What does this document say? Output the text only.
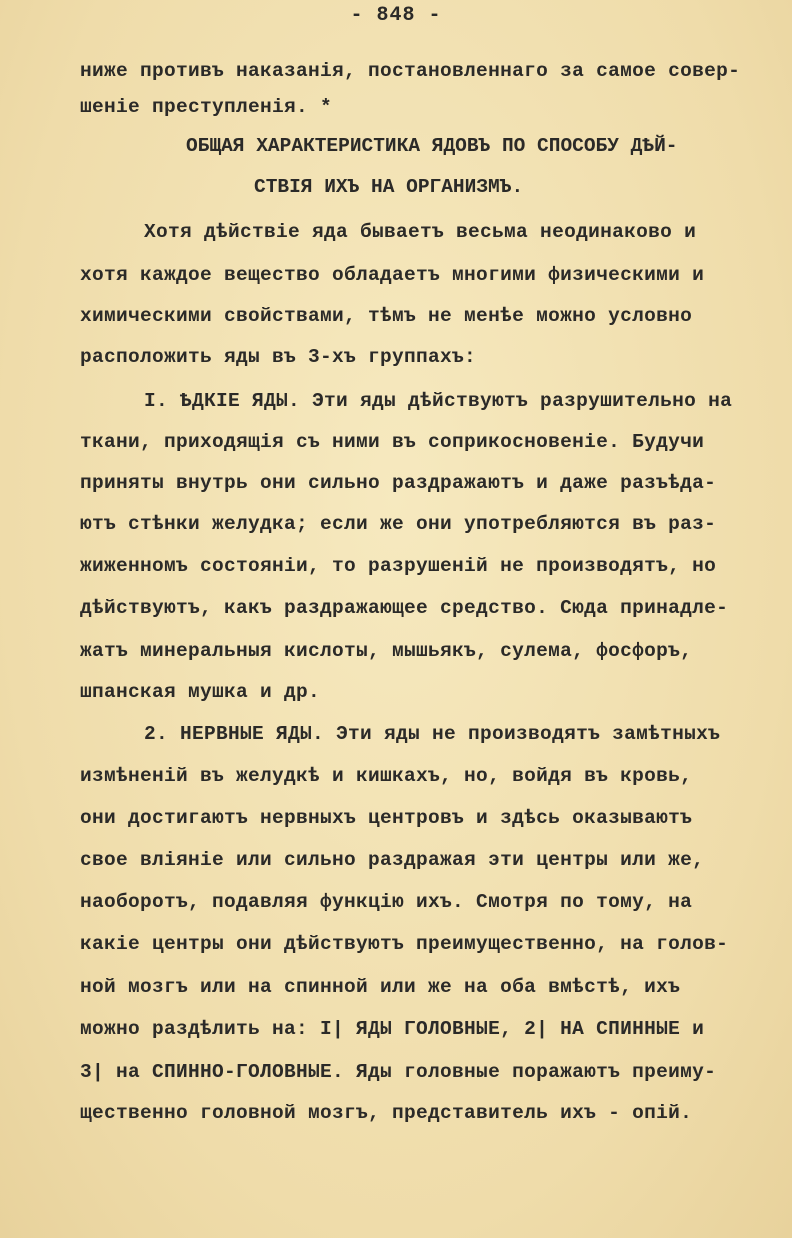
- 848 -
ниже противъ наказанія, постановленнаго за самое совер-
шеніе преступленія. *
ОБЩАЯ ХАРАКТЕРИСТИКА ЯДОВЪ ПО СПОСОБУ ДѢЙ-
СТВІЯ ИХЪ НА ОРГАНИЗМЪ.
Хотя дѣйствіе яда бываетъ весьма неодинаково и
хотя каждое вещество обладаетъ многими физическими и
химическими свойствами, тѣмъ не менѣе можно условно
расположить яды въ 3-хъ группахъ:
I. ѢДКІЕ ЯДЫ. Эти яды дѣйствуютъ разрушительно на
ткани, приходящія съ ними въ соприкосновеніе. Будучи
приняты внутрь они сильно раздражаютъ и даже разъѣда-
ютъ стѣнки желудка; если же они употребляются въ раз-
жиженномъ состояніи, то разрушеній не производятъ, но
дѣйствуютъ, какъ раздражающее средство. Сюда принадле-
жатъ минеральныя кислоты, мышьякъ, сулема, фосфоръ,
шпанская мушка и др.
2. НЕРВНЫЕ ЯДЫ. Эти яды не производятъ замѣтныхъ
измѣненій въ желудкѣ и кишкахъ, но, войдя въ кровь,
они достигаютъ нервныхъ центровъ и здѣсь оказываютъ
свое вліяніе или сильно раздражая эти центры или же,
наоборотъ, подавляя функцію ихъ. Смотря по тому, на
какіе центры они дѣйствуютъ преимущественно, на голов-
ной мозгъ или на спинной или же на оба вмѣстѣ, ихъ
можно раздѣлить на: I| ЯДЫ ГОЛОВНЫЕ, 2| НА СПИННЫЕ и
3| на СПИННО-ГОЛОВНЫЕ. Яды головные поражаютъ преиму-
щественно головной мозгъ, представитель ихъ - опій.
